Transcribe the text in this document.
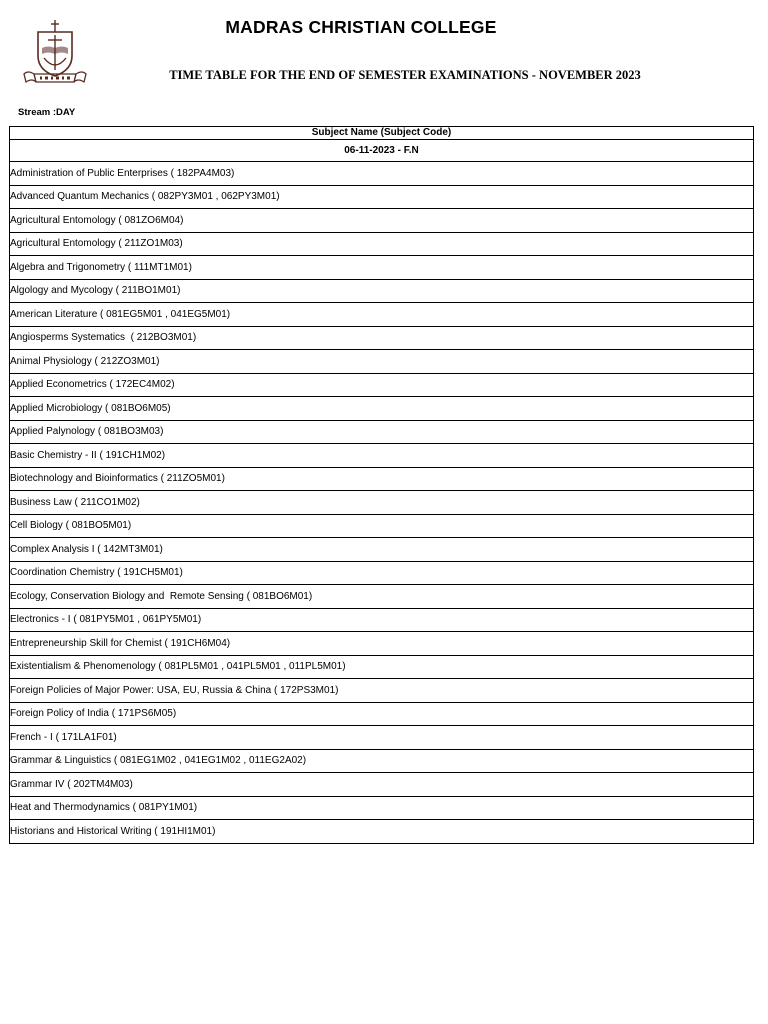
MADRAS CHRISTIAN COLLEGE
TIME TABLE FOR THE END OF SEMESTER EXAMINATIONS - NOVEMBER 2023
Stream :DAY
Subject Name (Subject Code)
06-11-2023 - F.N
Administration of Public Enterprises ( 182PA4M03)
Advanced Quantum Mechanics ( 082PY3M01 , 062PY3M01)
Agricultural Entomology ( 081ZO6M04)
Agricultural Entomology ( 211ZO1M03)
Algebra and Trigonometry ( 111MT1M01)
Algology and Mycology ( 211BO1M01)
American Literature ( 081EG5M01 , 041EG5M01)
Angiosperms Systematics  ( 212BO3M01)
Animal Physiology ( 212ZO3M01)
Applied Econometrics ( 172EC4M02)
Applied Microbiology ( 081BO6M05)
Applied Palynology ( 081BO3M03)
Basic Chemistry - II ( 191CH1M02)
Biotechnology and Bioinformatics ( 211ZO5M01)
Business Law ( 211CO1M02)
Cell Biology ( 081BO5M01)
Complex Analysis I ( 142MT3M01)
Coordination Chemistry ( 191CH5M01)
Ecology, Conservation Biology and  Remote Sensing ( 081BO6M01)
Electronics - I ( 081PY5M01 , 061PY5M01)
Entrepreneurship Skill for Chemist ( 191CH6M04)
Existentialism & Phenomenology ( 081PL5M01 , 041PL5M01 , 011PL5M01)
Foreign Policies of Major Power: USA, EU, Russia & China ( 172PS3M01)
Foreign Policy of India ( 171PS6M05)
French - I ( 171LA1F01)
Grammar & Linguistics ( 081EG1M02 , 041EG1M02 , 011EG2A02)
Grammar IV ( 202TM4M03)
Heat and Thermodynamics ( 081PY1M01)
Historians and Historical Writing ( 191HI1M01)
